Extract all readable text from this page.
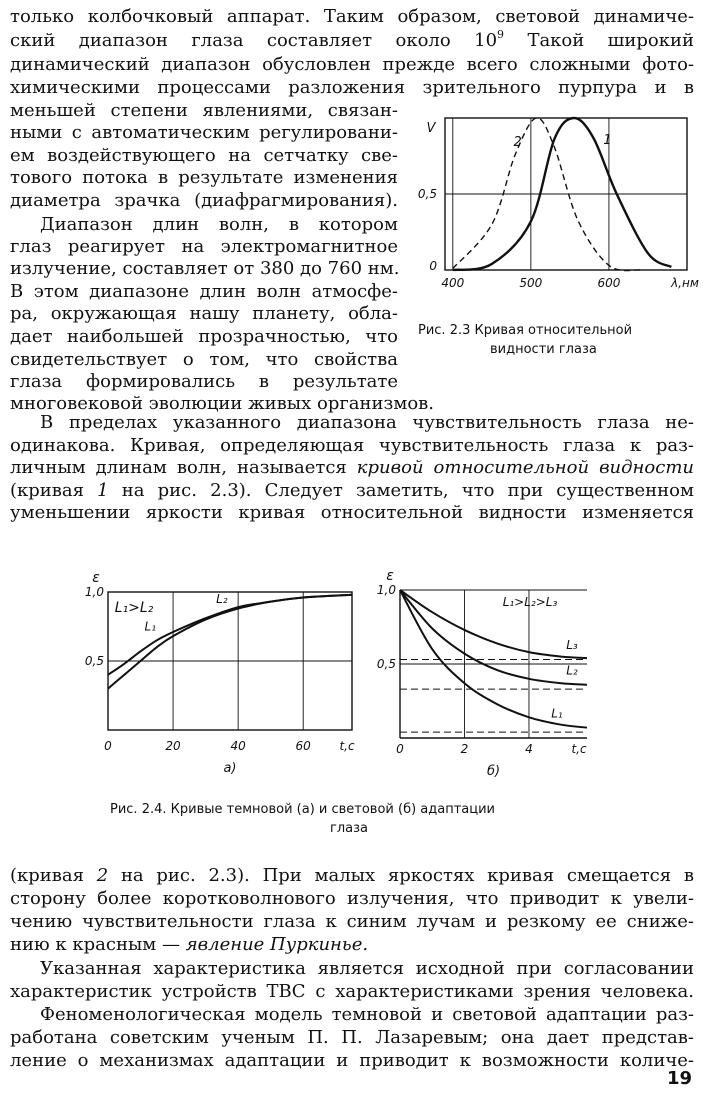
только колбочковый аппарат. Таким образом, световой динамиче-
ский диапазон глаза составляет около $10^9$ Такой широкий
динамический диапазон обусловлен прежде всего сложными фото-
химическими процессами разложения зрительного пурпура и в
меньшей степени явлениями, связан-
ными с автоматическим регулировани-
ем воздействующего на сетчатку све-
тового потока в результате изменения
диаметра зрачка (диафрагмирования).
Диапазон длин волн, в котором
глаз реагирует на электромагнитное
излучение, составляет от 380 до 760 нм.
В этом диапазоне длин волн атмосфе-
ра, окружающая нашу планету, обла-
дает наибольшей прозрачностью, что
свидетельствует о том, что свойства
глаза формировались в результате
многовековой эволюции живых организмов.
400	500	600	λ,нм
0
0,5
V
1
2
Рис. 2.3 Кривая относительной
видности глаза
В пределах указанного диапазона чувствительность глаза не-
одинакова. Кривая, определяющая чувствительность глаза к раз-
личным длинам волн, называется кривой относительной видности
(кривая 1 на рис. 2.3). Следует заметить, что при существенном
уменьшении яркости кривая относительной видности изменяется
0	20	40	60 t,c
0,5
1,0
ε
L₁>L₂
L₁
L₂
а)
0	2	4	t,c
0,5
1,0
ε
L₁>L₂>L₃
L₃
L₂
L₁
б)
Рис. 2.4. Кривые темновой (а) и световой (б) адаптации
глаза
(кривая 2 на рис. 2.3). При малых яркостях кривая смещается в
сторону более коротковолнового излучения, что приводит к увели-
чению чувствительности глаза к синим лучам и резкому ее сниже-
нию к красным — явление Пуркинье.
Указанная характеристика является исходной при согласовании
характеристик устройств ТВС с характеристиками зрения человека.
Феноменологическая модель темновой и световой адаптации раз-
работана советским ученым П. П. Лазаревым; она дает представ-
ление о механизмах адаптации и приводит к возможности количе-
19
